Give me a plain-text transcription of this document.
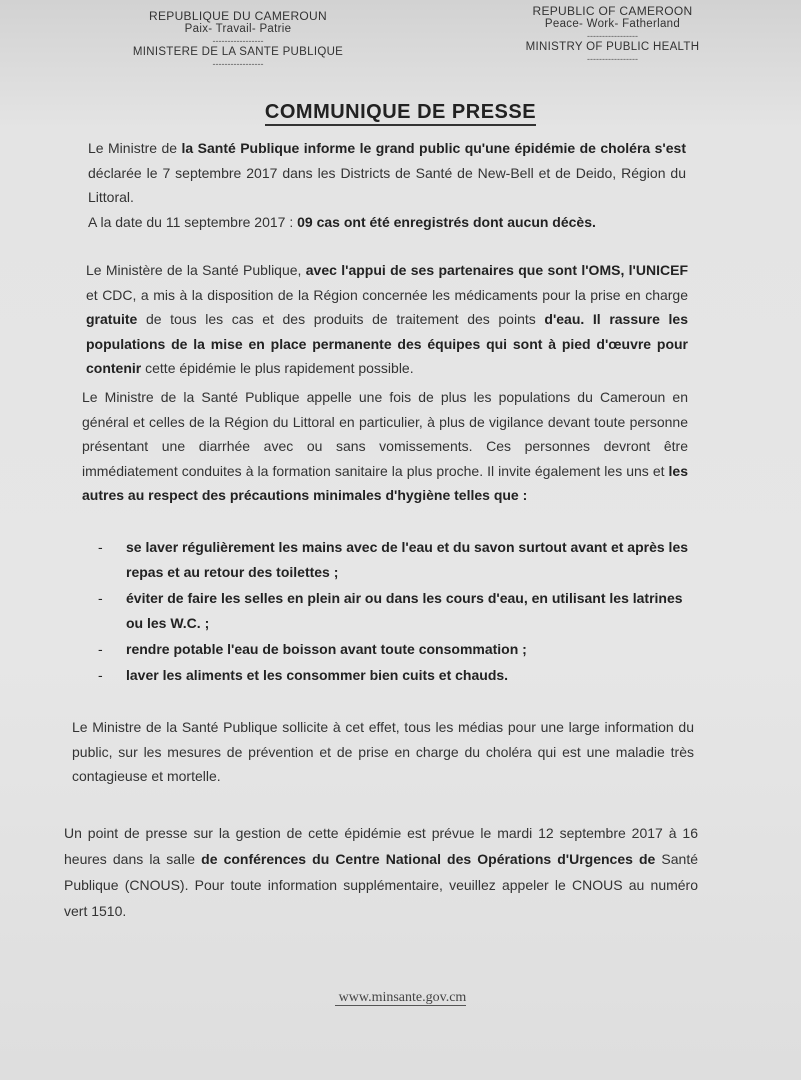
REPUBLIQUE DU CAMEROUN
Paix- Travail- Patrie
-----------------
MINISTERE DE LA SANTE PUBLIQUE
-----------------
REPUBLIC OF CAMEROON
Peace- Work- Fatherland
-----------------
MINISTRY OF PUBLIC HEALTH
-----------------
COMMUNIQUE DE PRESSE
Le Ministre de la Santé Publique informe le grand public qu'une épidémie de choléra s'est déclarée le 7 septembre 2017 dans les Districts de Santé de New-Bell et de Deido, Région du Littoral.
A la date du 11 septembre 2017 : 09 cas ont été enregistrés dont aucun décès.
Le Ministère de la Santé Publique, avec l'appui de ses partenaires que sont l'OMS, l'UNICEF et CDC, a mis à la disposition de la Région concernée les médicaments pour la prise en charge gratuite de tous les cas et des produits de traitement des points d'eau. Il rassure les populations de la mise en place permanente des équipes qui sont à pied d'œuvre pour contenir cette épidémie le plus rapidement possible.
Le Ministre de la Santé Publique appelle une fois de plus les populations du Cameroun en général et celles de la Région du Littoral en particulier, à plus de vigilance devant toute personne présentant une diarrhée avec ou sans vomissements. Ces personnes devront être immédiatement conduites à la formation sanitaire la plus proche. Il invite également les uns et les autres au respect des précautions minimales d'hygiène telles que :
- se laver régulièrement les mains avec de l'eau et du savon surtout avant et après les repas et au retour des toilettes ;
- éviter de faire les selles en plein air ou dans les cours d'eau, en utilisant les latrines ou les W.C. ;
- rendre potable l'eau de boisson avant toute consommation ;
- laver les aliments et les consommer bien cuits et chauds.
Le Ministre de la Santé Publique sollicite à cet effet, tous les médias pour une large information du public, sur les mesures de prévention et de prise en charge du choléra qui est une maladie très contagieuse et mortelle.
Un point de presse sur la gestion de cette épidémie est prévue le mardi 12 septembre 2017 à 16 heures dans la salle de conférences du Centre National des Opérations d'Urgences de Santé Publique (CNOUS). Pour toute information supplémentaire, veuillez appeler le CNOUS au numéro vert 1510.
www.minsante.gov.cm
